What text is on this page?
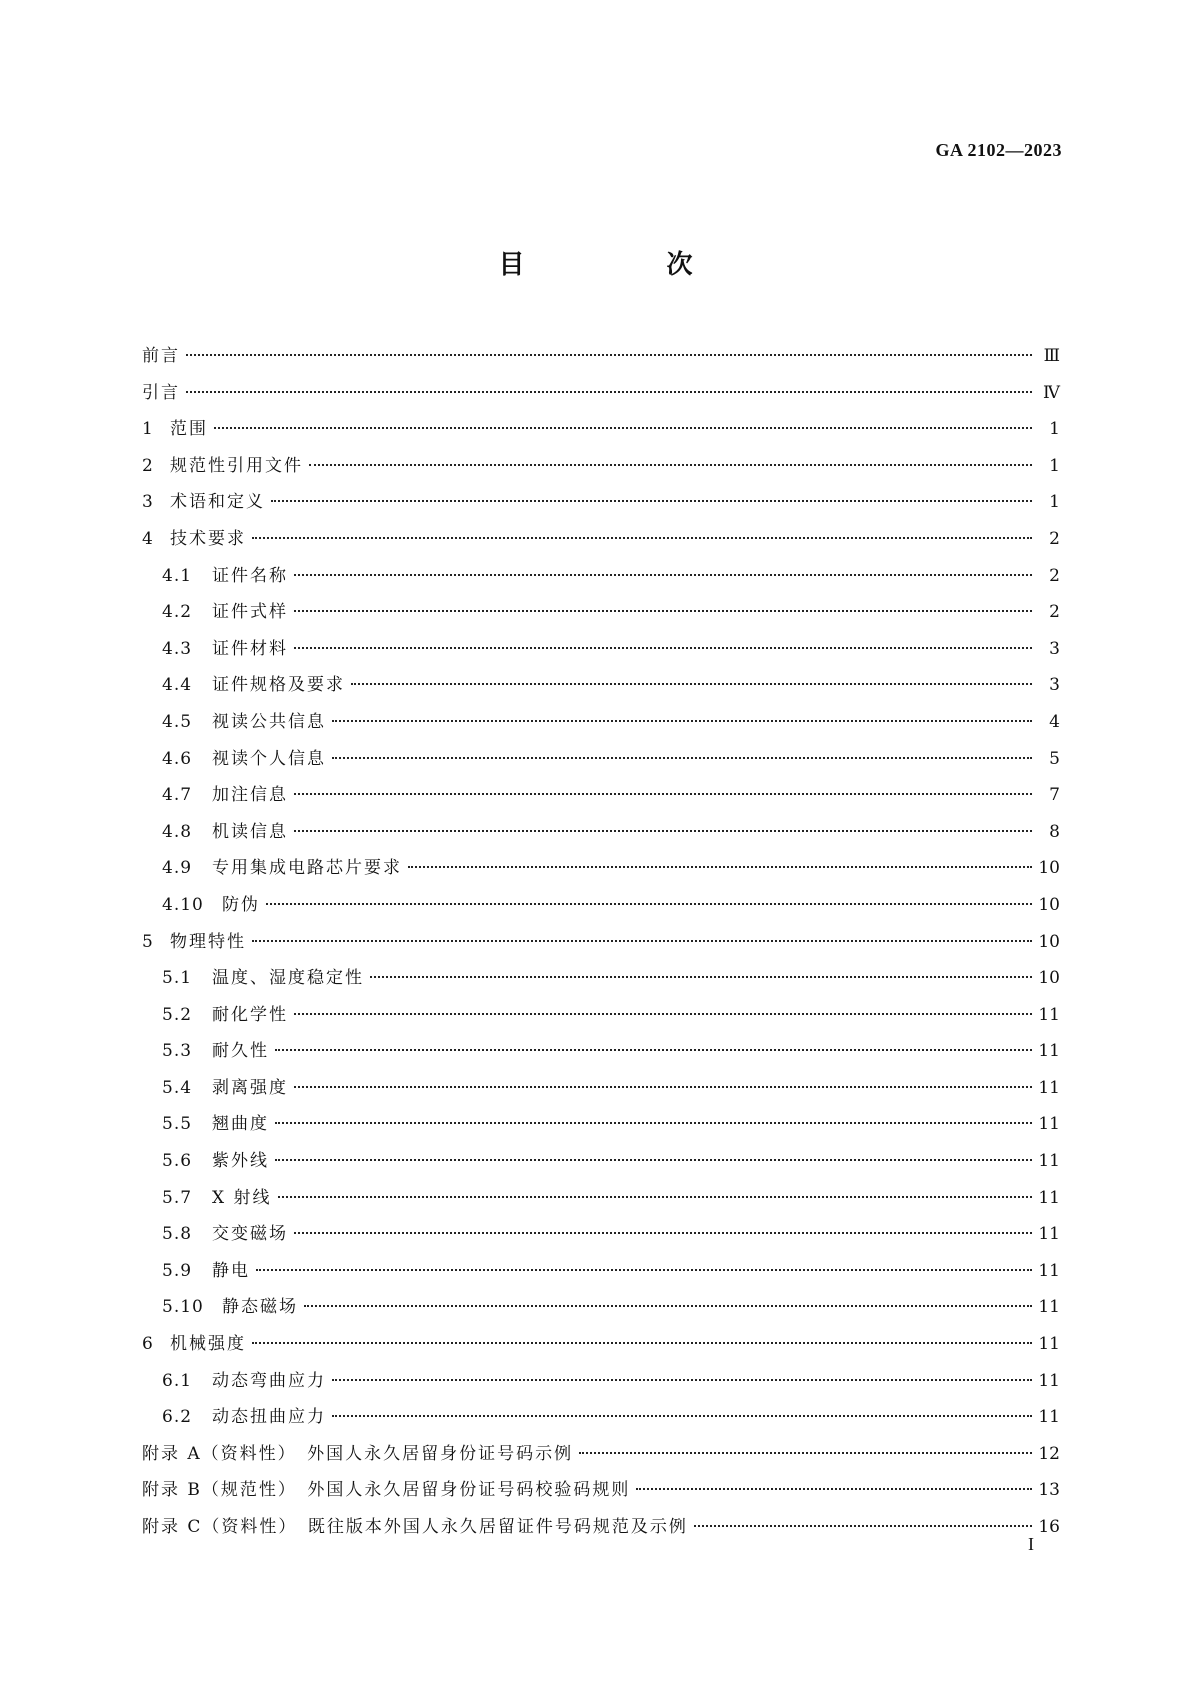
GA 2102—2023
目　次
前言	Ⅲ
引言	Ⅳ
1 范围	1
2 规范性引用文件	1
3 术语和定义	1
4 技术要求	2
4.1	证件名称	2
4.2	证件式样	2
4.3	证件材料	3
4.4	证件规格及要求	3
4.5	视读公共信息	4
4.6	视读个人信息	5
4.7	加注信息	7
4.8	机读信息	8
4.9	专用集成电路芯片要求	10
4.10	防伪	10
5 物理特性	10
5.1	温度、湿度稳定性	10
5.2	耐化学性	11
5.3	耐久性	11
5.4	剥离强度	11
5.5	翘曲度	11
5.6	紫外线	11
5.7	X 射线	11
5.8	交变磁场	11
5.9	静电	11
5.10	静态磁场	11
6 机械强度	11
6.1	动态弯曲应力	11
6.2	动态扭曲应力	11
附录 A（资料性）　外国人永久居留身份证号码示例	12
附录 B（规范性）　外国人永久居留身份证号码校验码规则	13
附录 C（资料性）　既往版本外国人永久居留证件号码规范及示例	16
I
